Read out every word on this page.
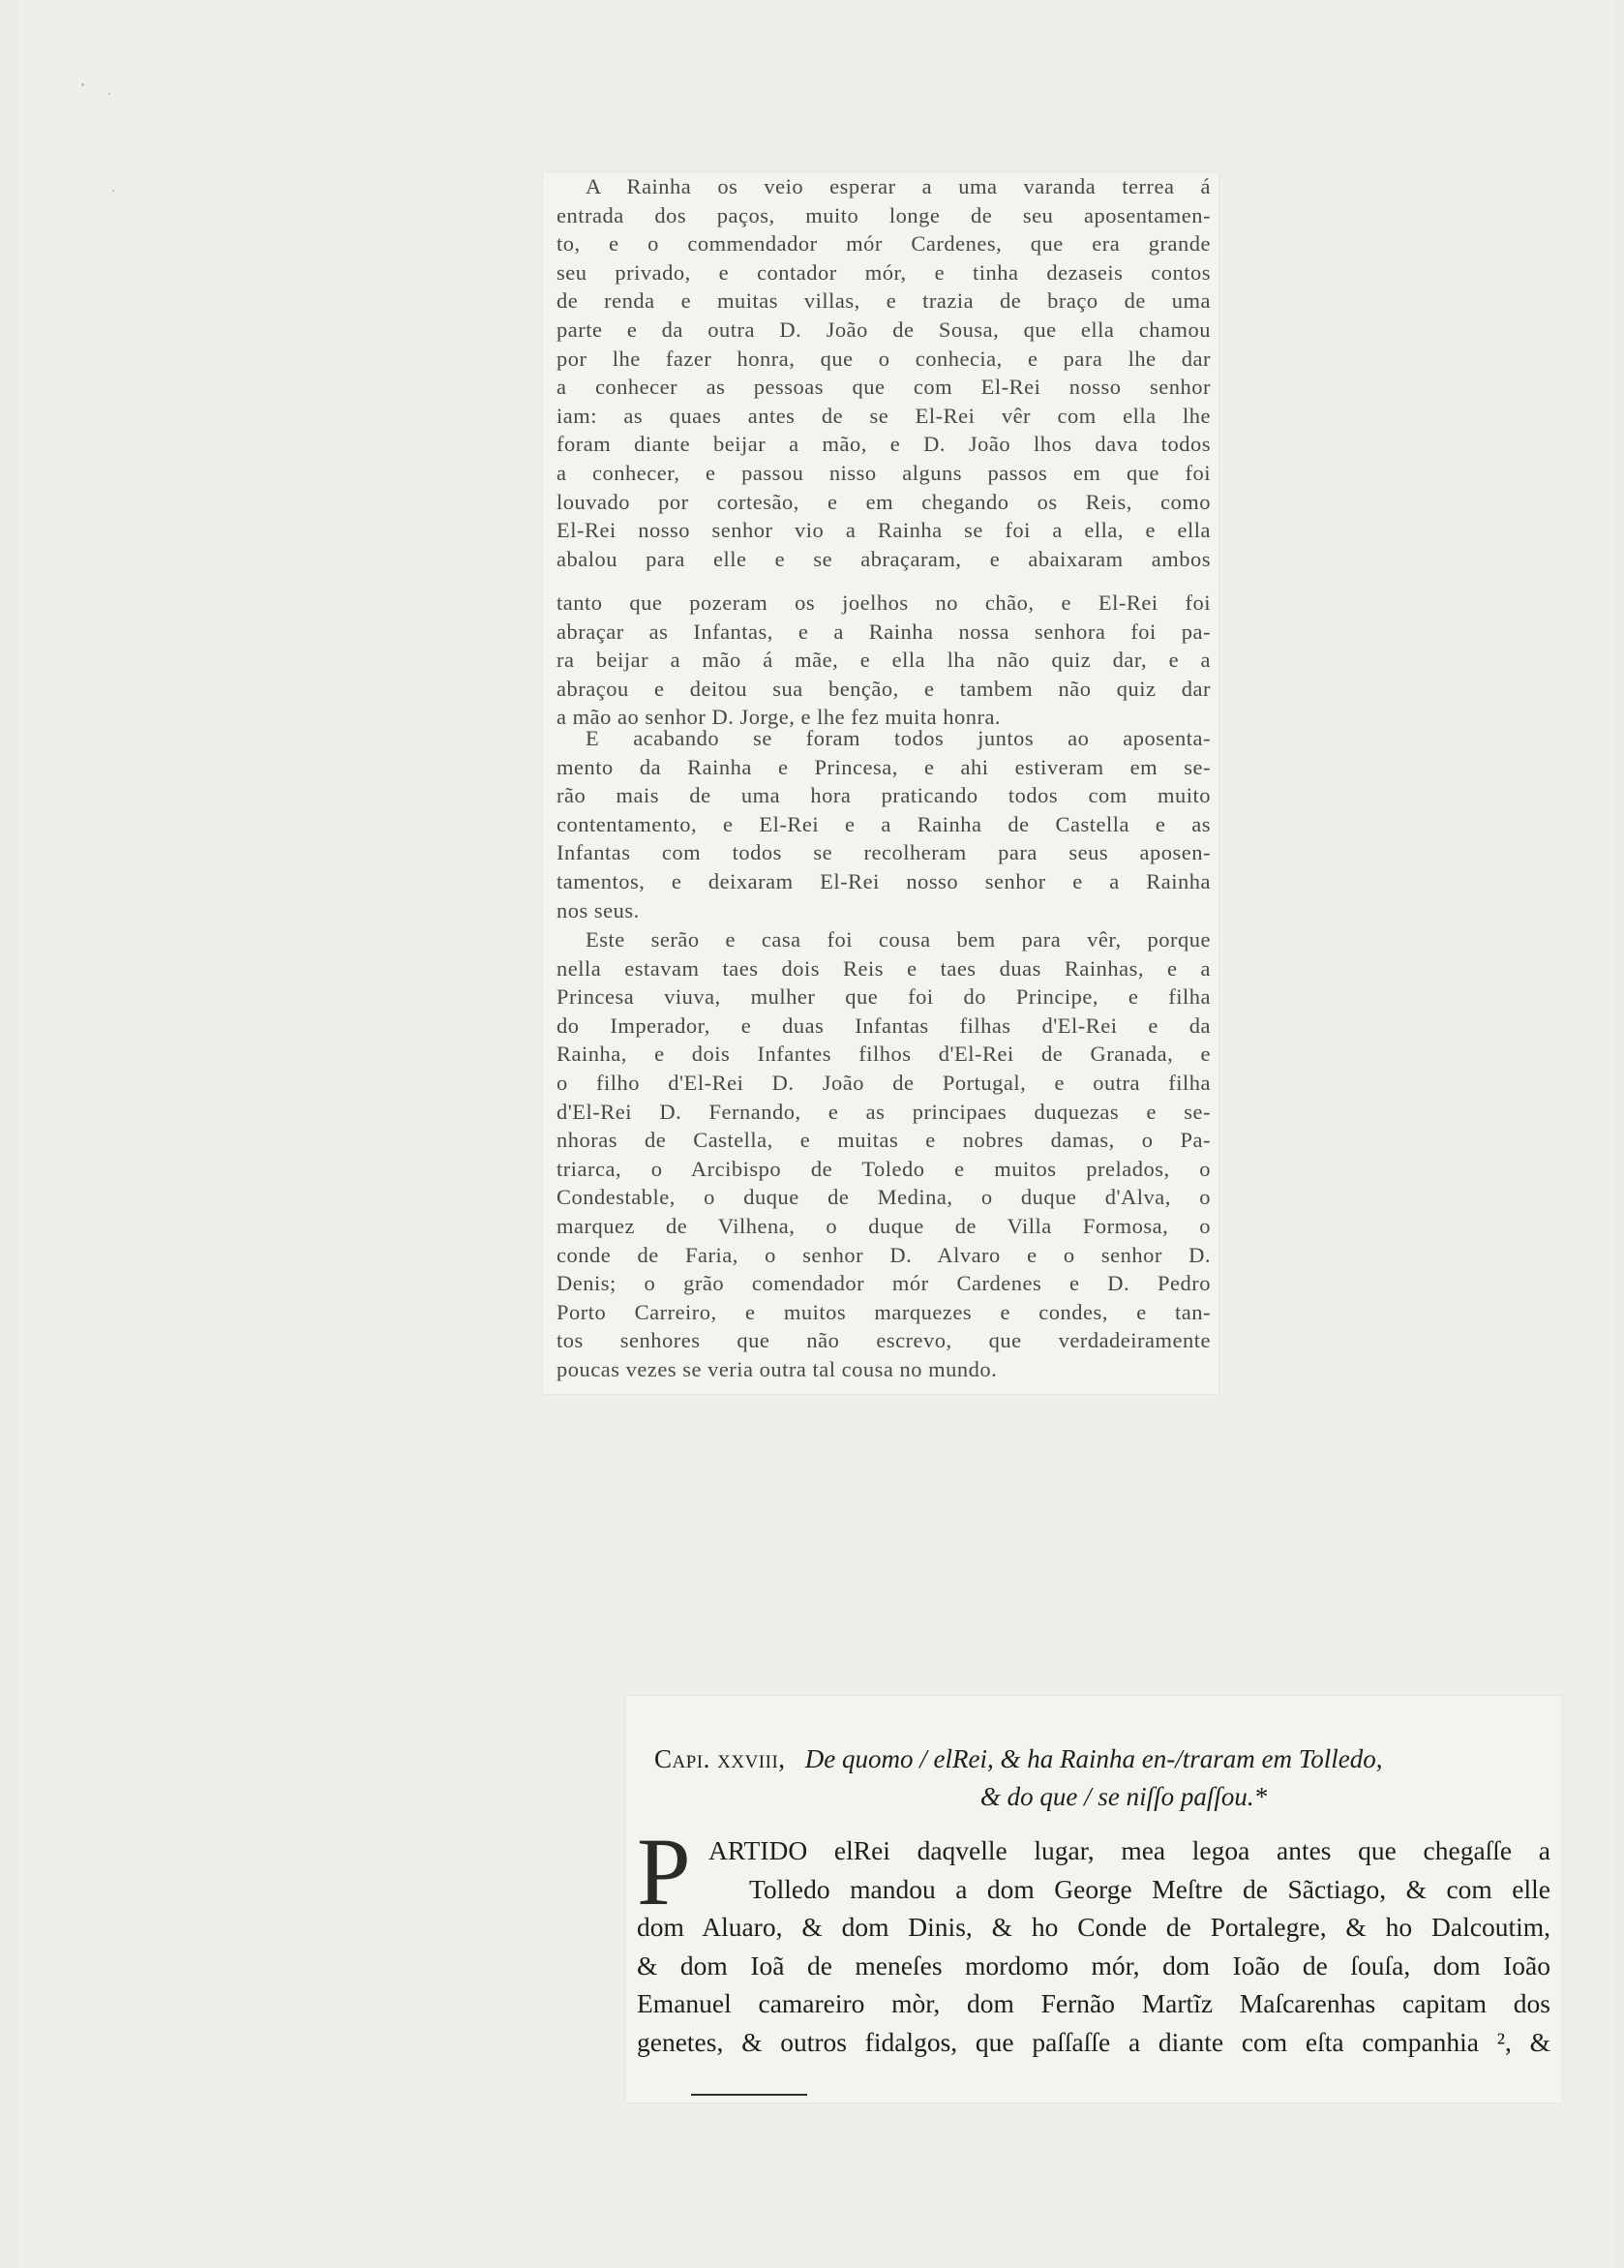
A Rainha os veio esperar a uma varanda terrea á
entrada dos paços, muito longe de seu aposentamen-
to, e o commendador mór Cardenes, que era grande
seu privado, e contador mór, e tinha dezaseis contos
de renda e muitas villas, e trazia de braço de uma
parte e da outra D. João de Sousa, que ella chamou
por lhe fazer honra, que o conhecia, e para lhe dar
a conhecer as pessoas que com El-Rei nosso senhor
iam: as quaes antes de se El-Rei vêr com ella lhe
foram diante beijar a mão, e D. João lhos dava todos
a conhecer, e passou nisso alguns passos em que foi
louvado por cortesão, e em chegando os Reis, como
El-Rei nosso senhor vio a Rainha se foi a ella, e ella
abalou para elle e se abraçaram, e abaixaram ambos
tanto que pozeram os joelhos no chão, e El-Rei foi
abraçar as Infantas, e a Rainha nossa senhora foi pa-
ra beijar a mão á mãe, e ella lha não quiz dar, e a
abraçou e deitou sua benção, e tambem não quiz dar
a mão ao senhor D. Jorge, e lhe fez muita honra.
E acabando se foram todos juntos ao aposenta-
mento da Rainha e Princesa, e ahi estiveram em se-
rão mais de uma hora praticando todos com muito
contentamento, e El-Rei e a Rainha de Castella e as
Infantas com todos se recolheram para seus aposen-
tamentos, e deixaram El-Rei nosso senhor e a Rainha
nos seus.
Este serão e casa foi cousa bem para vêr, porque
nella estavam taes dois Reis e taes duas Rainhas, e a
Princesa viuva, mulher que foi do Principe, e filha
do Imperador, e duas Infantas filhas d'El-Rei e da
Rainha, e dois Infantes filhos d'El-Rei de Granada, e
o filho d'El-Rei D. João de Portugal, e outra filha
d'El-Rei D. Fernando, e as principaes duquezas e se-
nhoras de Castella, e muitas e nobres damas, o Pa-
triarca, o Arcibispo de Toledo e muitos prelados, o
Condestable, o duque de Medina, o duque d'Alva, o
marquez de Vilhena, o duque de Villa Formosa, o
conde de Faria, o senhor D. Alvaro e o senhor D.
Denis; o grão comendador mór Cardenes e D. Pedro
Porto Carreiro, e muitos marquezes e condes, e tan-
tos senhores que não escrevo, que verdadeiramente
poucas vezes se veria outra tal cousa no mundo.
Capi. xxviii, De quomo / elRei, & ha Rainha en-/traram em Tolledo,
& do que / se niſſo paſſou.*
P ARTIDO elRei daqvelle lugar, mea legoa antes que chegaſſe a
Tolledo mandou a dom George Meſtre de Sãctiago, & com elle
dom Aluaro, & dom Dinis, & ho Conde de Portalegre, & ho Dalcoutim,
& dom Ioã de meneſes mordomo mór, dom Ioão de ſouſa, dom Ioão
Emanuel camareiro mòr, dom Fernão Martĩz Maſcarenhas capitam dos
genetes, & outros fidalgos, que paſſaſſe a diante com eſta companhia ², &
